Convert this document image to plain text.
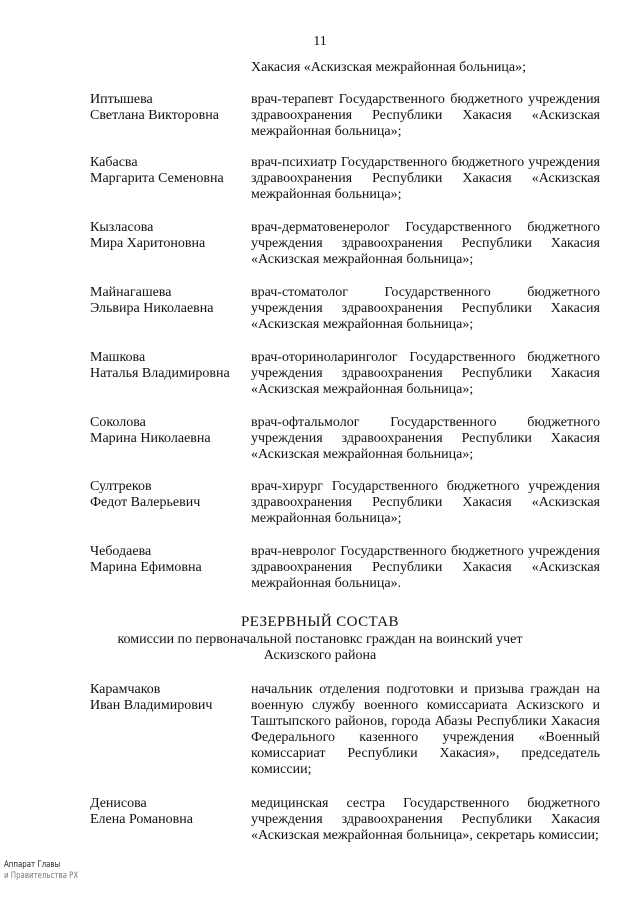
11
Хакасия «Аскизская межрайонная больница»;
Иптышева
Светлана Викторовна
врач-терапевт Государственного бюджетного учреждения здравоохранения Республики Хакасия «Аскизская межрайонная больница»;
Кабасва
Маргарита Семеновна
врач-психиатр Государственного бюджетного учреждения здравоохранения Республики Хакасия «Аскизская межрайонная больница»;
Кызласова
Мира Харитоновна
врач-дерматовенеролог Государственного бюджетного учреждения здравоохранения Республики Хакасия «Аскизская межрайонная больница»;
Майнагашева
Эльвира Николаевна
врач-стоматолог Государственного бюджетного учреждения здравоохранения Республики Хакасия «Аскизская межрайонная больница»;
Машкова
Наталья Владимировна
врач-оториноларинголог Государственного бюджетного учреждения здравоохранения Республики Хакасия «Аскизская межрайонная больница»;
Соколова
Марина Николаевна
врач-офтальмолог Государственного бюджетного учреждения здравоохранения Республики Хакасия «Аскизская межрайонная больница»;
Султреков
Федот Валерьевич
врач-хирург Государственного бюджетного учреждения здравоохранения Республики Хакасия «Аскизская межрайонная больница»;
Чебодаева
Марина Ефимовна
врач-невролог Государственного бюджетного учреждения здравоохранения Республики Хакасия «Аскизская межрайонная больница».
РЕЗЕРВНЫЙ СОСТАВ
комиссии по первоначальной постановкс граждан на воинский учет
Аскизского района
Карамчаков
Иван Владимирович
начальник отделения подготовки и призыва граждан на военную службу военного комиссариата Аскизского и Таштыпского районов, города Абазы Республики Хакасия Федерального казенного учреждения «Военный комиссариат Республики Хакасия», председатель комиссии;
Денисова
Елена Романовна
медицинская сестра Государственного бюджетного учреждения здравоохранения Республики Хакасия «Аскизская межрайонная больница», секретарь комиссии;
Аппарат Главы
и Правительства РХ
